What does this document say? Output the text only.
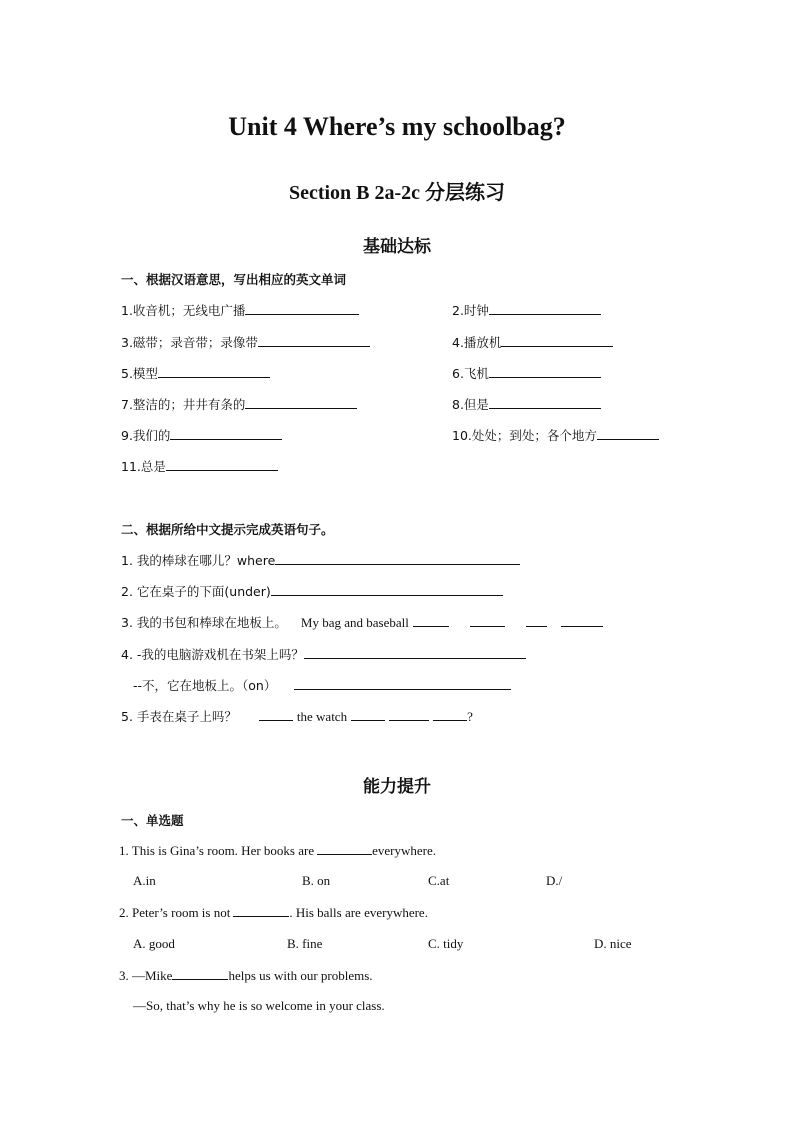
Unit 4 Where’s my schoolbag?
Section B 2a-2c 分层练习
基础达标
一、根据汉语意思，写出相应的英文单词
1.收音机；无线电广播	2.时钟
3.磁带；录音带；录像带	4.播放机
5.模型	6.飞机
7.整洁的；井井有条的	8.但是
9.我们的	10.处处；到处；各个地方
11.总是
二、根据所给中文提示完成英语句子。
1. 我的棒球在哪儿？where
2. 它在桌子的下面(under)
3. 我的书包和棒球在地板上。 My bag and baseball
4. -我的电脑游戏机在书架上吗？
--不，它在地板上。（on）
5. 手表在桌子上吗？	the watch	?
能力提升
一、单选题
1. This is Gina’s room. Her books are	everywhere.
A.in	B. on	C.at	D./
2. Peter’s room is not	. His balls are everywhere.
A. good	B. fine	C. tidy	D. nice
3. —Mike	helps us with our problems.
—So, that’s why he is so welcome in your class.
